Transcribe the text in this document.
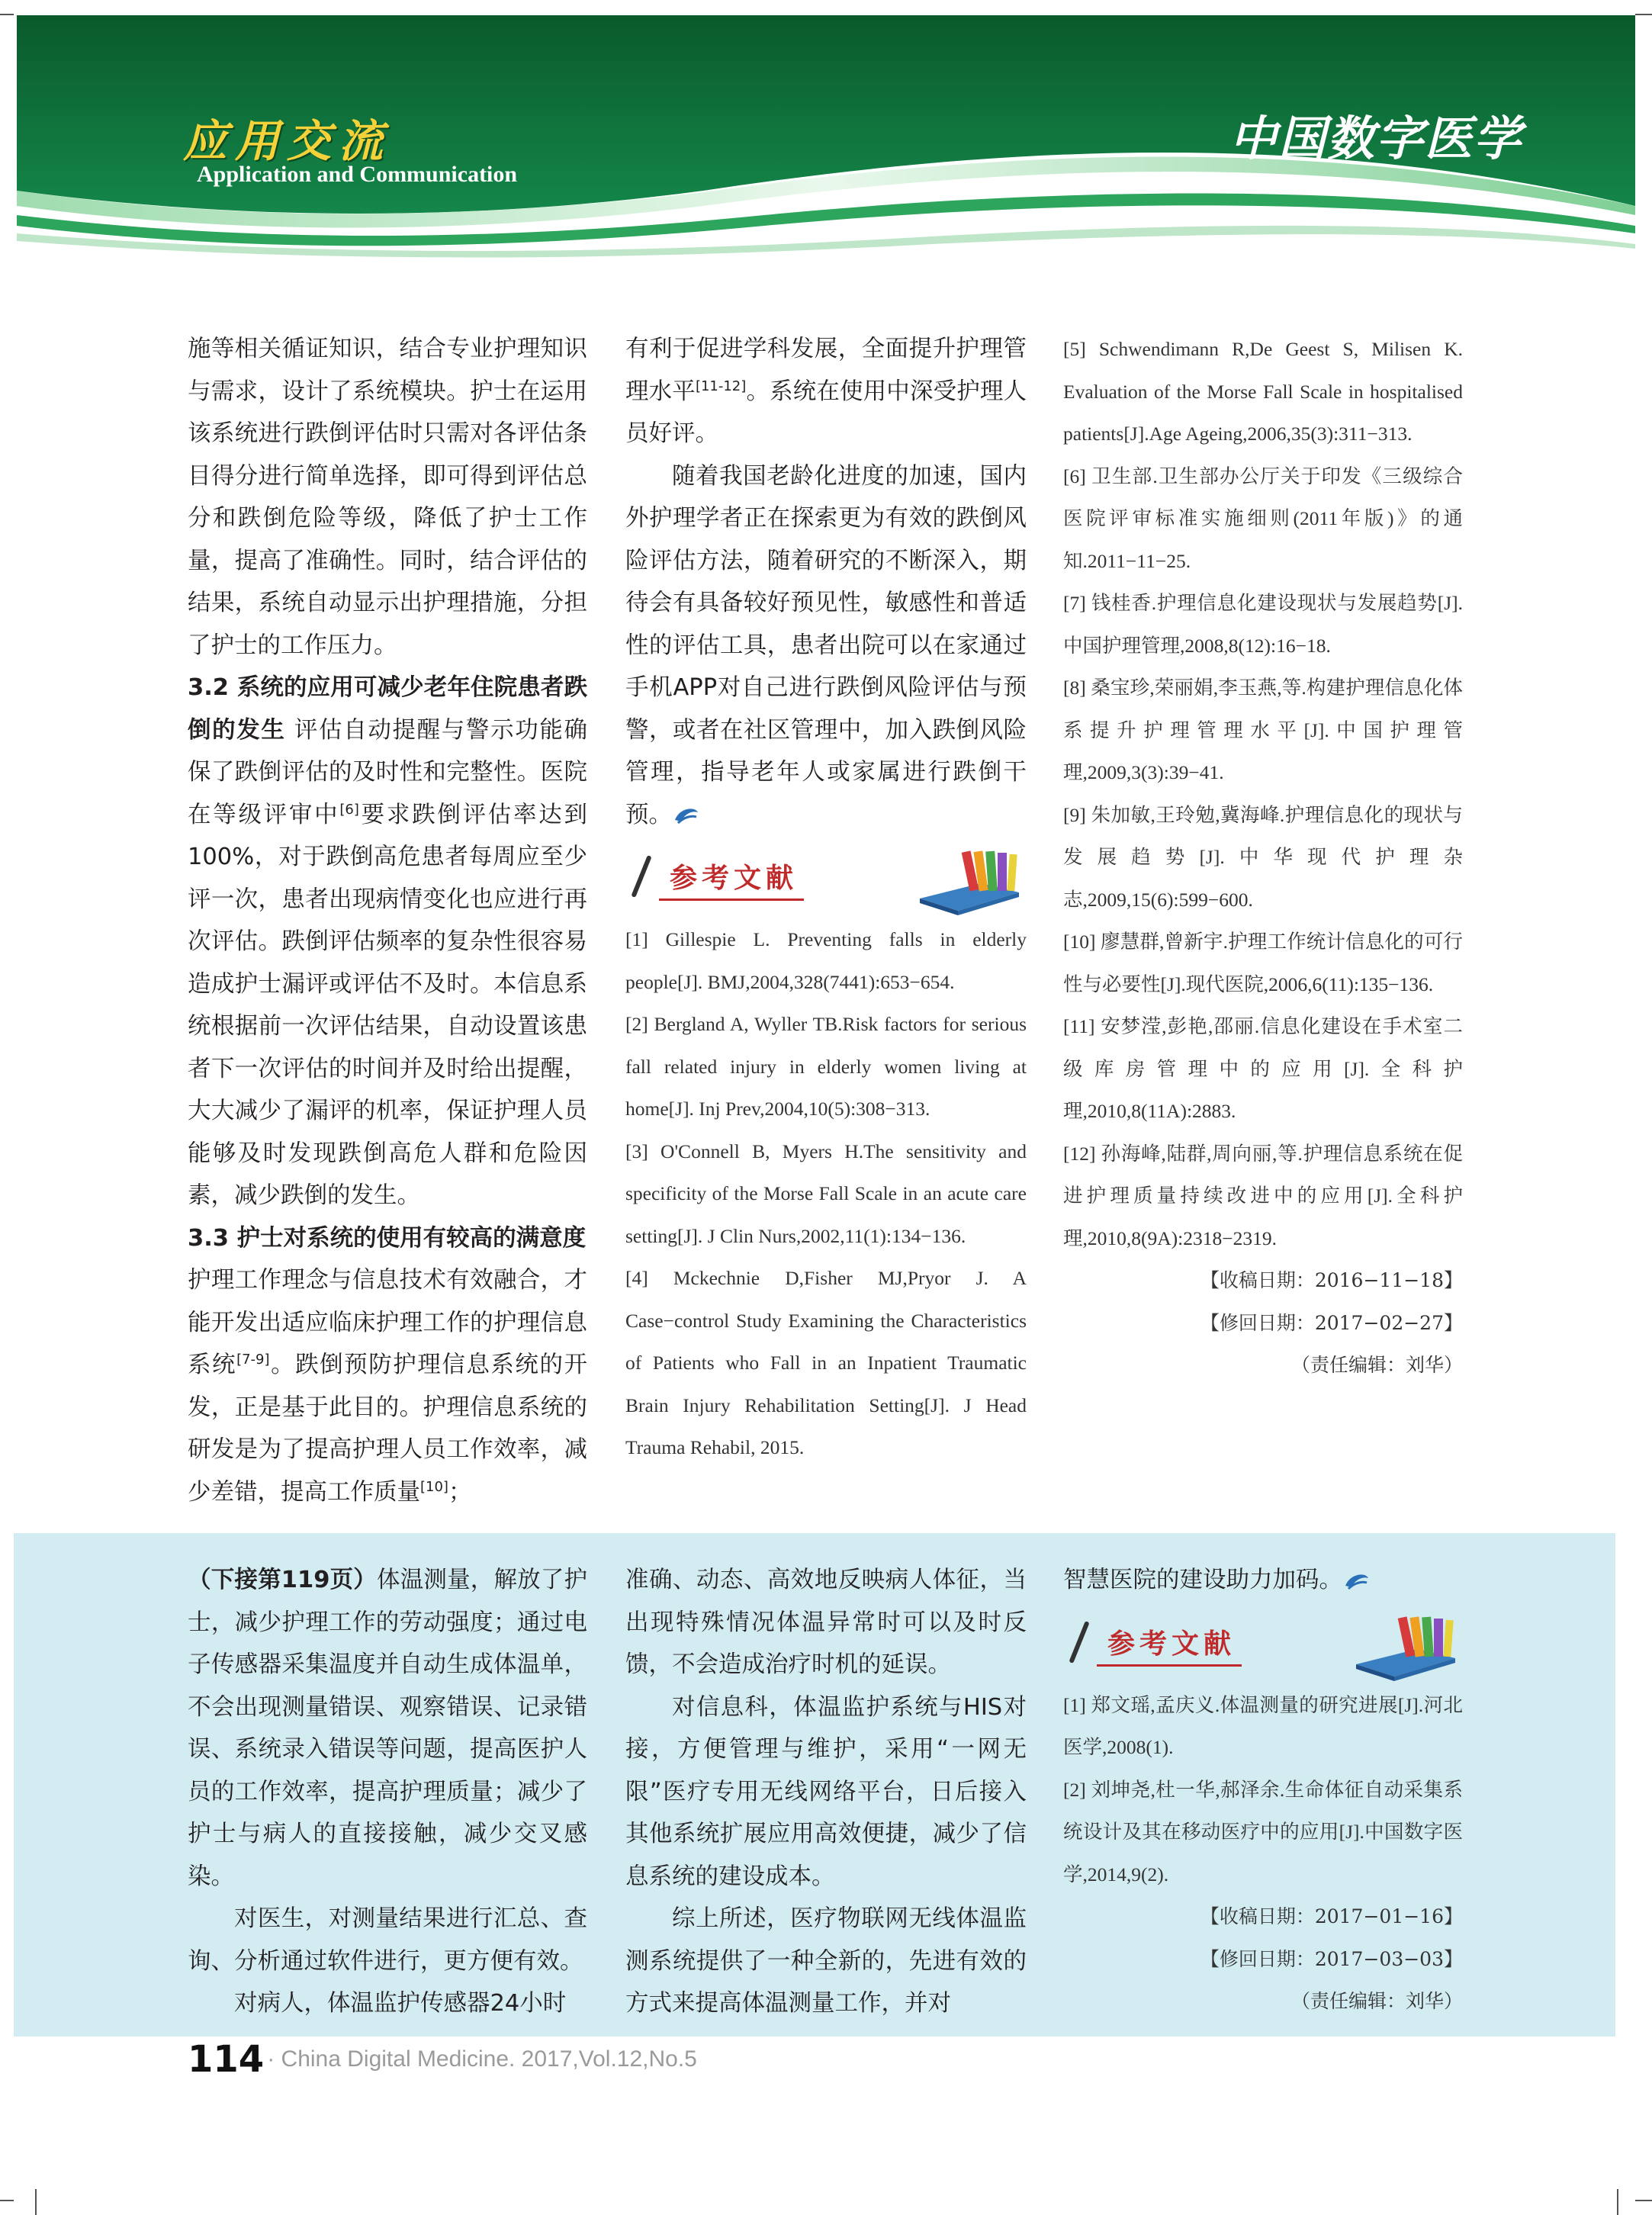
应用交流
Application and Communication
中国数字医学

施等相关循证知识，结合专业护理知识与需求，设计了系统模块。护士在运用该系统进行跌倒评估时只需对各评估条目得分进行简单选择，即可得到评估总分和跌倒危险等级，降低了护士工作量，提高了准确性。同时，结合评估的结果，系统自动显示出护理措施，分担了护士的工作压力。

3.2 系统的应用可减少老年住院患者跌倒的发生 评估自动提醒与警示功能确保了跌倒评估的及时性和完整性。医院在等级评审中[6]要求跌倒评估率达到100%，对于跌倒高危患者每周应至少评一次，患者出现病情变化也应进行再次评估。跌倒评估频率的复杂性很容易造成护士漏评或评估不及时。本信息系统根据前一次评估结果，自动设置该患者下一次评估的时间并及时给出提醒，大大减少了漏评的机率，保证护理人员能够及时发现跌倒高危人群和危险因素，减少跌倒的发生。

3.3 护士对系统的使用有较高的满意度

护理工作理念与信息技术有效融合，才能开发出适应临床护理工作的护理信息系统[7-9]。跌倒预防护理信息系统的开发，正是基于此目的。护理信息系统的研发是为了提高护理人员工作效率，减少差错，提高工作质量[10]；

有利于促进学科发展，全面提升护理管理水平[11-12]。系统在使用中深受护理人员好评。

随着我国老龄化进度的加速，国内外护理学者正在探索更为有效的跌倒风险评估方法，随着研究的不断深入，期待会有具备较好预见性，敏感性和普适性的评估工具，患者出院可以在家通过手机APP对自己进行跌倒风险评估与预警，或者在社区管理中，加入跌倒风险管理，指导老年人或家属进行跌倒干预。

参考文献

[1] Gillespie L. Preventing falls in elderly people[J]. BMJ,2004,328(7441):653−654.

[2] Bergland A, Wyller TB.Risk factors for serious fall related injury in elderly women living at home[J]. Inj Prev,2004,10(5):308−313.

[3] O'Connell B, Myers H.The sensitivity and specificity of the Morse Fall Scale in an acute care setting[J]. J Clin Nurs,2002,11(1):134−136.

[4] Mckechnie D,Fisher MJ,Pryor J. A Case−control Study Examining the Characteristics of Patients who Fall in an Inpatient Traumatic Brain Injury Rehabilitation Setting[J]. J Head Trauma Rehabil, 2015.

[5] Schwendimann R,De Geest S, Milisen K. Evaluation of the Morse Fall Scale in hospitalised patients[J].Age Ageing,2006,35(3):311−313.

[6] 卫生部.卫生部办公厅关于印发《三级综合医院评审标准实施细则(2011年版)》的通知.2011−11−25.

[7] 钱桂香.护理信息化建设现状与发展趋势[J].中国护理管理,2008,8(12):16−18.

[8] 桑宝珍,荣丽娟,李玉燕,等.构建护理信息化体系提升护理管理水平[J].中国护理管理,2009,3(3):39−41.

[9] 朱加敏,王玲勉,冀海峰.护理信息化的现状与发展趋势[J].中华现代护理杂志,2009,15(6):599−600.

[10] 廖慧群,曾新宇.护理工作统计信息化的可行性与必要性[J].现代医院,2006,6(11):135−136.

[11] 安梦滢,彭艳,邵丽.信息化建设在手术室二级库房管理中的应用[J].全科护理,2010,8(11A):2883.

[12] 孙海峰,陆群,周向丽,等.护理信息系统在促进护理质量持续改进中的应用[J].全科护理,2010,8(9A):2318−2319.

【收稿日期：2016−11−18】
【修回日期：2017−02−27】
（责任编辑：刘华）

（下接第119页）体温测量，解放了护士，减少护理工作的劳动强度；通过电子传感器采集温度并自动生成体温单，不会出现测量错误、观察错误、记录错误、系统录入错误等问题，提高医护人员的工作效率，提高护理质量；减少了护士与病人的直接接触，减少交叉感染。

对医生，对测量结果进行汇总、查询、分析通过软件进行，更方便有效。

对病人，体温监护传感器24小时

准确、动态、高效地反映病人体征，当出现特殊情况体温异常时可以及时反馈，不会造成治疗时机的延误。

对信息科，体温监护系统与HIS对接，方便管理与维护，采用“一网无限”医疗专用无线网络平台，日后接入其他系统扩展应用高效便捷，减少了信息系统的建设成本。

综上所述，医疗物联网无线体温监测系统提供了一种全新的，先进有效的方式来提高体温测量工作，并对

智慧医院的建设助力加码。

参考文献

[1] 郑文瑶,孟庆义.体温测量的研究进展[J].河北医学,2008(1).

[2] 刘坤尧,杜一华,郝泽余.生命体征自动采集系统设计及其在移动医疗中的应用[J].中国数字医学,2014,9(2).

【收稿日期：2017−01−16】
【修回日期：2017−03−03】
（责任编辑：刘华）
114 · China Digital Medicine. 2017,Vol.12,No.5
